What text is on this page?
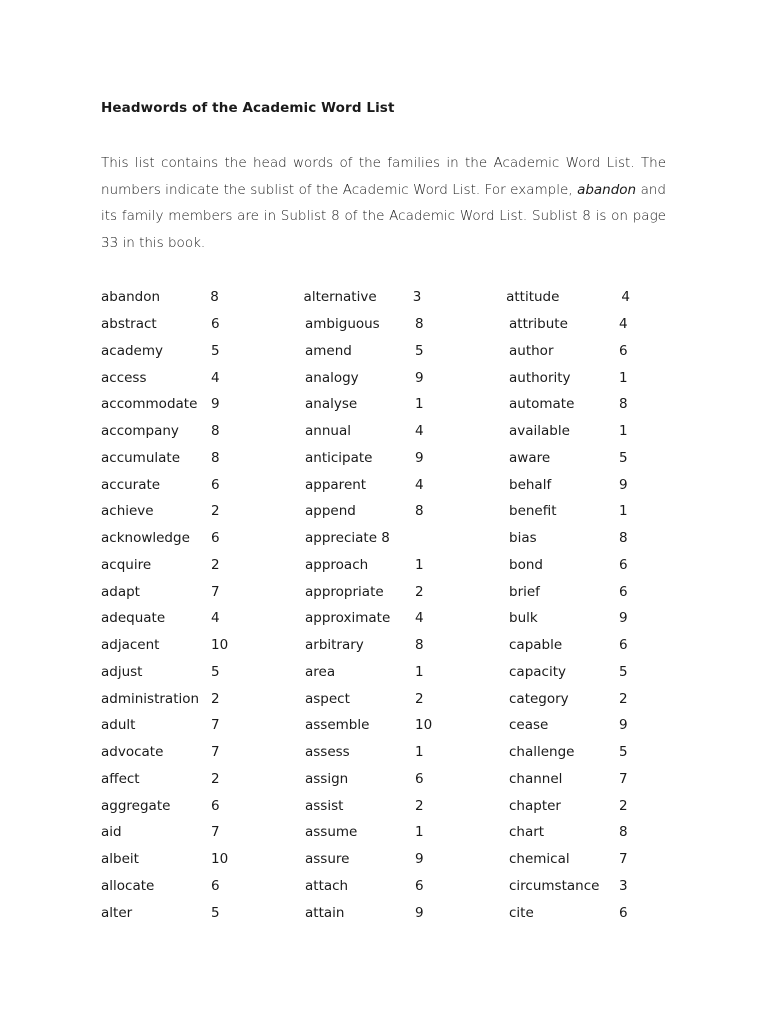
Headwords of the Academic Word List
This list contains the head words of the families in the Academic Word List. The numbers indicate the sublist of the Academic Word List. For example, abandon and its family members are in Sublist 8 of the Academic Word List. Sublist 8 is on page 33 in this book.
abandon	8	alternative	3	attitude	4
abstract	6	ambiguous	8	attribute	4
academy	5	amend	5	author	6
access	4	analogy	9	authority	1
accommodate	9	analyse	1	automate	8
accompany	8	annual	4	available	1
accumulate	8	anticipate	9	aware	5
accurate	6	apparent	4	behalf	9
achieve	2	append	8	benefit	1
acknowledge	6	appreciate 8	bias	8
acquire	2	approach	1	bond	6
adapt	7	appropriate	2	brief	6
adequate	4	approximate	4	bulk	9
adjacent	10	arbitrary	8	capable	6
adjust	5	area	1	capacity	5
administration 2	aspect	2	category	2
adult	7	assemble	10	cease	9
advocate	7	assess	1	challenge	5
affect	2	assign	6	channel	7
aggregate	6	assist	2	chapter	2
aid	7	assume	1	chart	8
albeit	10	assure	9	chemical	7
allocate	6	attach	6	circumstance	3
alter	5	attain	9	cite	6
